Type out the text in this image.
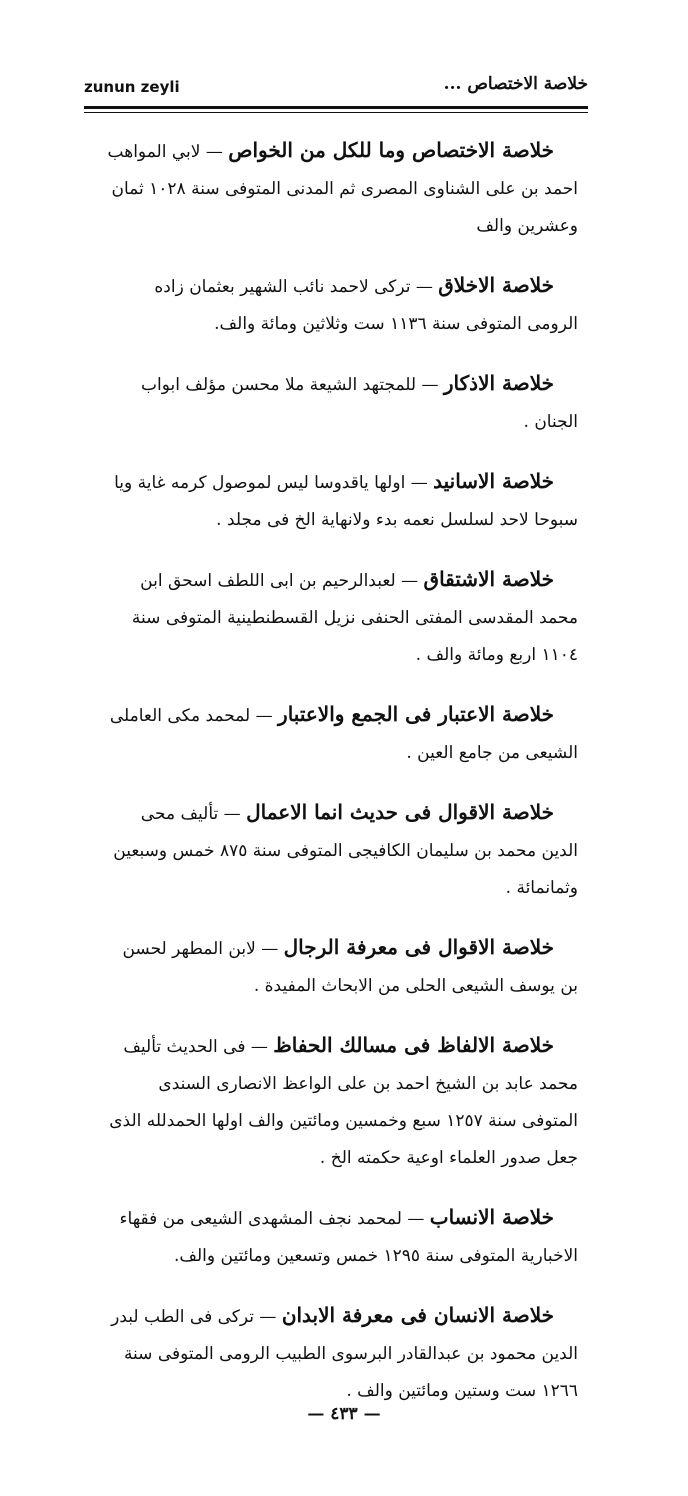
zunun zeyli	خلاصة الاختصاص ...

خلاصة الاختصاص وما للكل من الخواص — لابي المواهب احمد بن على الشناوى المصرى ثم المدنى المتوفى سنة ١٠٢٨ ثمان وعشرين والف

خلاصة الاخلاق — تركى لاحمد نائب الشهير بعثمان زاده الرومى المتوفى سنة ١١٣٦ ست وثلاثين ومائة والف.

خلاصة الاذكار — للمجتهد الشيعة ملا محسن مؤلف ابواب الجنان .

خلاصة الاسانيد — اولها ياقدوسا ليس لموصول كرمه غاية ويا سبوحا لاحد لسلسل نعمه بدء ولانهاية الخ فى مجلد .

خلاصة الاشتقاق — لعبدالرحيم بن ابى اللطف اسحق ابن محمد المقدسى المفتى الحنفى نزيل القسطنطينية المتوفى سنة ١١٠٤ اربع ومائة والف .

خلاصة الاعتبار فى الجمع والاعتبار — لمحمد مكى العاملى الشيعى من جامع العين .

خلاصة الاقوال فى حديث انما الاعمال — تأليف محى الدين محمد بن سليمان الكافيجى المتوفى سنة ٨٧٥ خمس وسبعين وثمانمائة .

خلاصة الاقوال فى معرفة الرجال — لابن المطهر لحسن بن يوسف الشيعى الحلى من الابحاث المفيدة .

خلاصة الالفاظ فى مسالك الحفاظ — فى الحديث تأليف محمد عابد بن الشيخ احمد بن على الواعظ الانصارى السندى المتوفى سنة ١٢٥٧ سبع وخمسين ومائتين والف اولها الحمدلله الذى جعل صدور العلماء اوعية حكمته الخ .

خلاصة الانساب — لمحمد نجف المشهدى الشيعى من فقهاء الاخبارية المتوفى سنة ١٢٩٥ خمس وتسعين ومائتين والف.

خلاصة الانسان فى معرفة الابدان — تركى فى الطب لبدر الدين محمود بن عبدالقادر البرسوى الطبيب الرومى المتوفى سنة ١٢٦٦ ست وستين ومائتين والف .

— ٤٣٣ —
